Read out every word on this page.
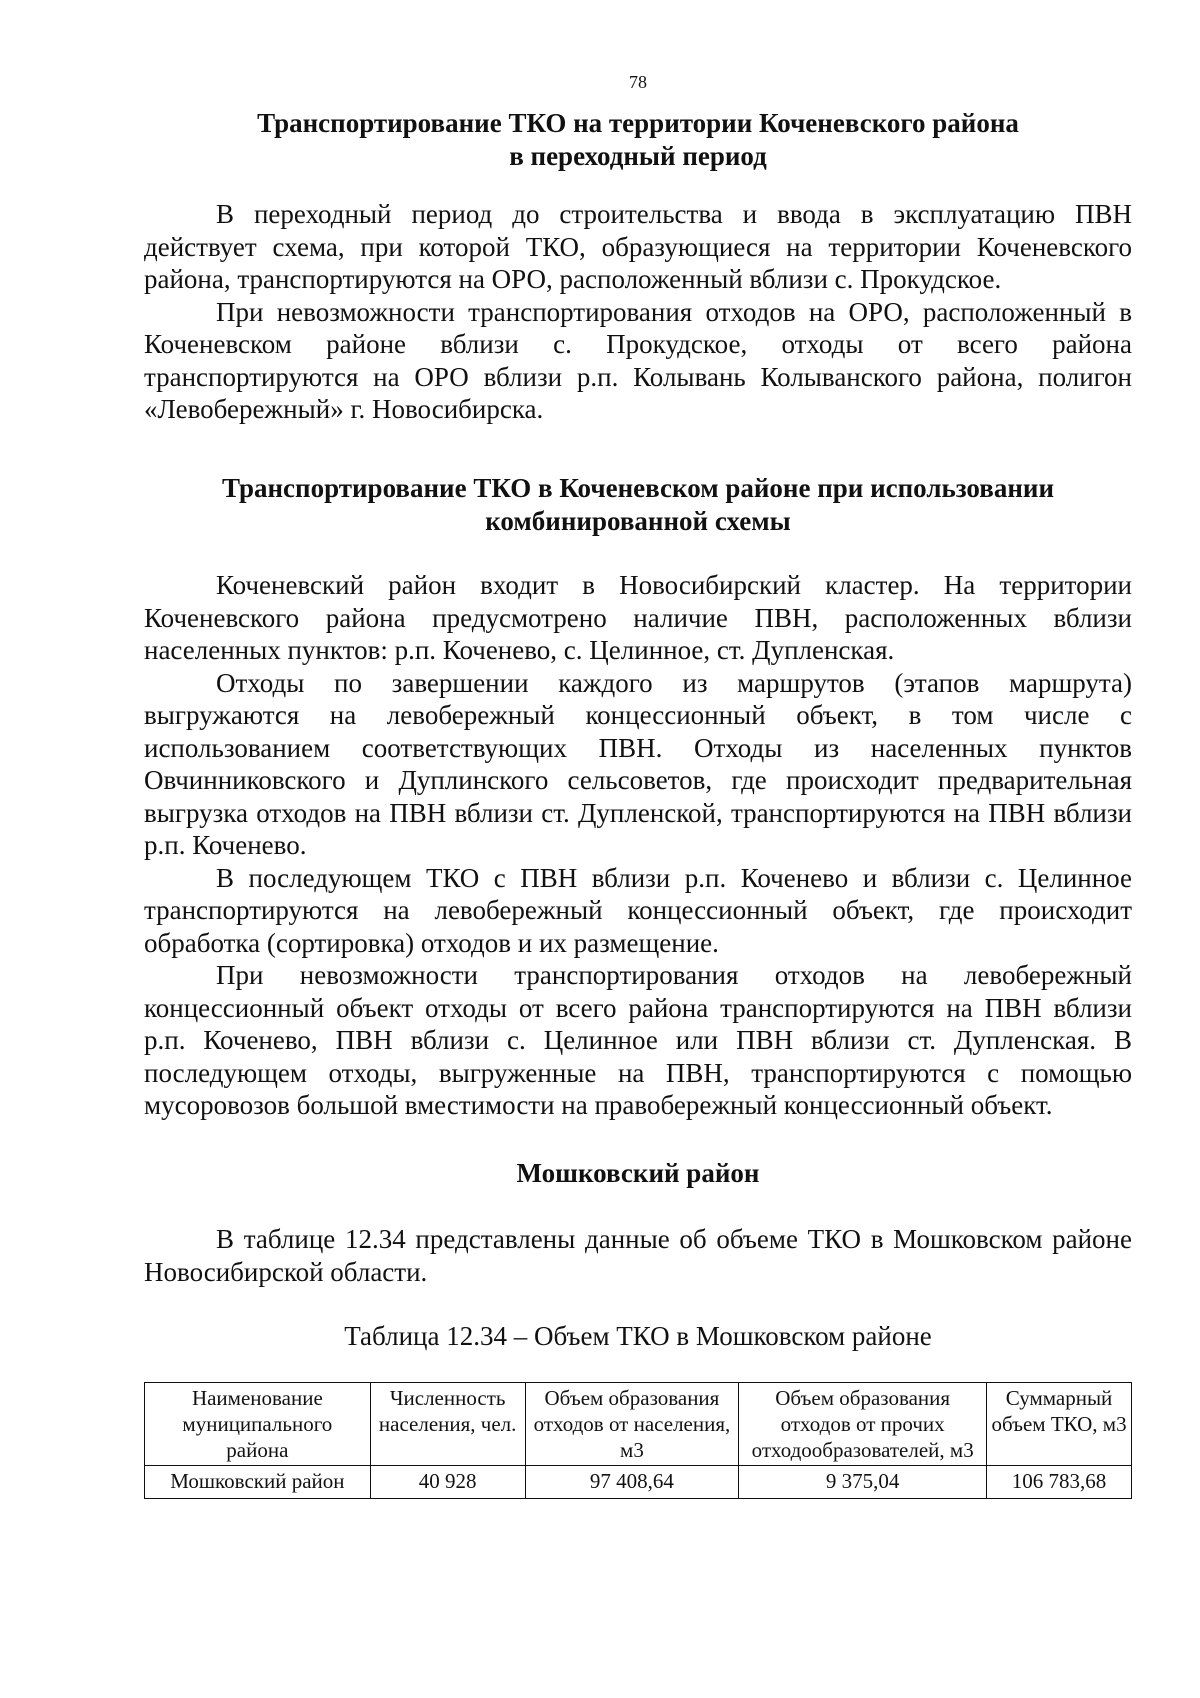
78
Транспортирование ТКО на территории Коченевского района
в переходный период

В переходный период до строительства и ввода в эксплуатацию ПВН действует схема, при которой ТКО, образующиеся на территории Коченевского района, транспортируются на ОРО, расположенный вблизи с. Прокудское.

При невозможности транспортирования отходов на ОРО, расположенный в Коченевском районе вблизи с. Прокудское, отходы от всего района транспортируются на ОРО вблизи р.п. Колывань Колыванского района, полигон «Левобережный» г. Новосибирска.

Транспортирование ТКО в Коченевском районе при использовании
комбинированной схемы

Коченевский район входит в Новосибирский кластер. На территории Коченевского района предусмотрено наличие ПВН, расположенных вблизи населенных пунктов: р.п. Коченево, с. Целинное, ст. Дупленская.

Отходы по завершении каждого из маршрутов (этапов маршрута) выгружаются на левобережный концессионный объект, в том числе с использованием соответствующих ПВН. Отходы из населенных пунктов Овчинниковского и Дуплинского сельсоветов, где происходит предварительная выгрузка отходов на ПВН вблизи ст. Дупленской, транспортируются на ПВН вблизи р.п. Коченево.

В последующем ТКО с ПВН вблизи р.п. Коченево и вблизи с. Целинное транспортируются на левобережный концессионный объект, где происходит обработка (сортировка) отходов и их размещение.

При невозможности транспортирования отходов на левобережный концессионный объект отходы от всего района транспортируются на ПВН вблизи р.п. Коченево, ПВН вблизи с. Целинное или ПВН вблизи ст. Дупленская. В последующем отходы, выгруженные на ПВН, транспортируются с помощью мусоровозов большой вместимости на правобережный концессионный объект.

Мошковский район

В таблице 12.34 представлены данные об объеме ТКО в Мошковском районе Новосибирской области.

Таблица 12.34 – Объем ТКО в Мошковском районе
Наименование муниципального района	Численность населения, чел.	Объем образования отходов от населения, м3	Объем образования отходов от прочих отходообразователей, м3	Суммарный объем ТКО, м3
Мошковский район	40 928	97 408,64	9 375,04	106 783,68
